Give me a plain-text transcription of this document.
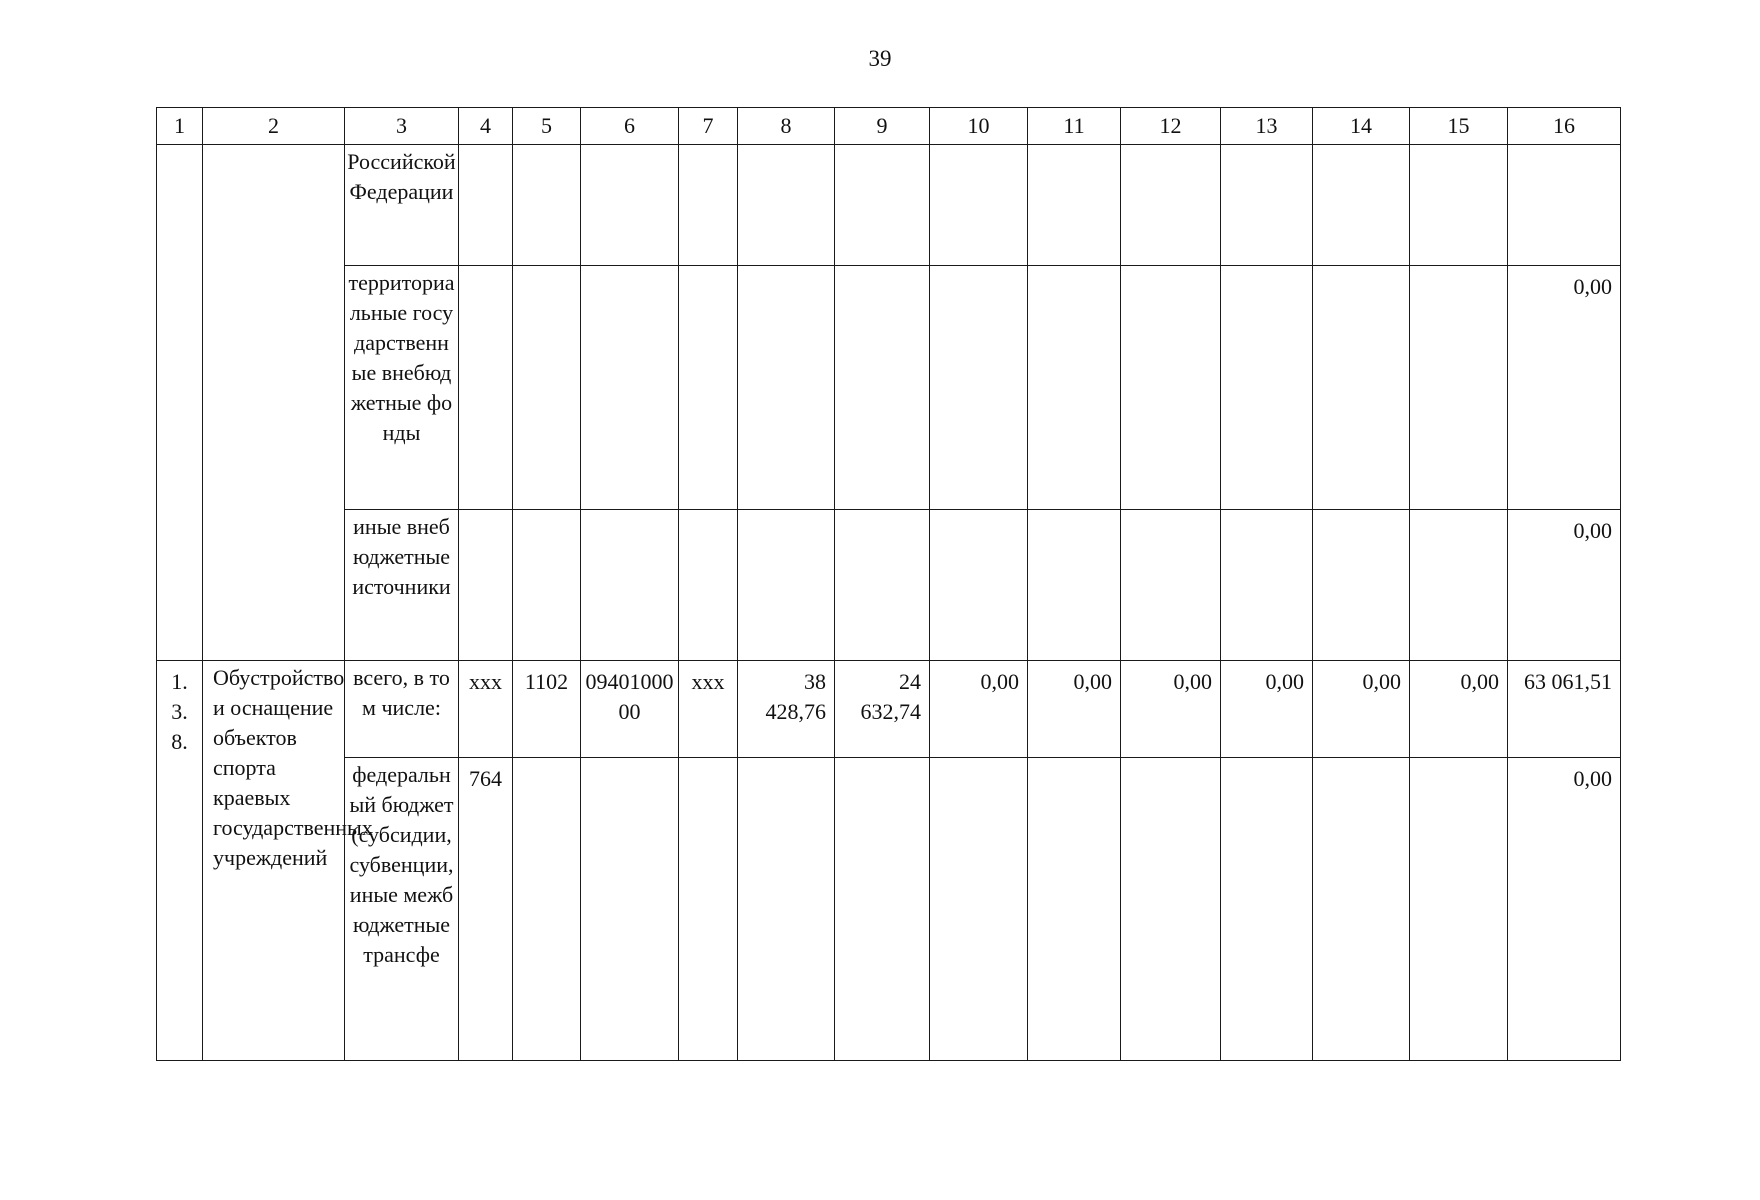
39
1	2	3	4	5	6	7	8	9	10	11	12	13	14	15	16
		Российской Федерации													
		территориальные государственные внебюджетные фонды													0,00
		иные внебюджетные источники													0,00

1.
3.
8.	Обустройство и оснащение объектов спорта краевых государственных учреждений	всего, в том числе:	ххх	1102	0940100000	ххх	38 428,76	24 632,74	0,00	0,00	0,00	0,00	0,00	0,00	63 061,51
		федеральный бюджет (субсидии, субвенции, иные межбюджетные трансфе	764												0,00
